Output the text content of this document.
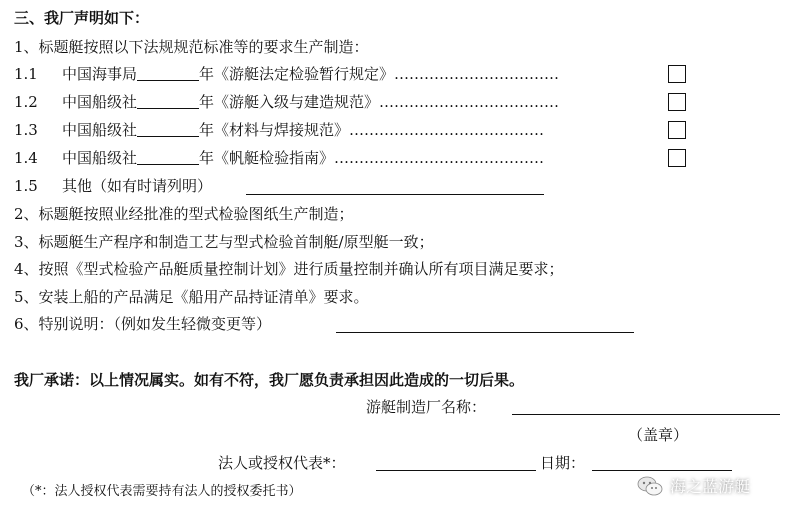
三、我厂声明如下：
1、标题艇按照以下法规规范标准等的要求生产制造：
1.1 中国海事局	年《游艇法定检验暂行规定》……………………………
1.2 中国船级社	年《游艇入级与建造规范》………………………………
1.3 中国船级社	年《材料与焊接规范》…………………………………
1.4 中国船级社	年《帆艇检验指南》……………………………………
1.5 其他（如有时请列明）
2、标题艇按照业经批准的型式检验图纸生产制造；
3、标题艇生产程序和制造工艺与型式检验首制艇/原型艇一致；
4、按照《型式检验产品艇质量控制计划》进行质量控制并确认所有项目满足要求；
5、安装上船的产品满足《船用产品持证清单》要求。
6、特别说明：（例如发生轻微变更等）
我厂承诺：以上情况属实。如有不符，我厂愿负责承担因此造成的一切后果。
游艇制造厂名称：
（盖章）
法人或授权代表*：	日期：
（*：法人授权代表需要持有法人的授权委托书）	海之蓝游艇
